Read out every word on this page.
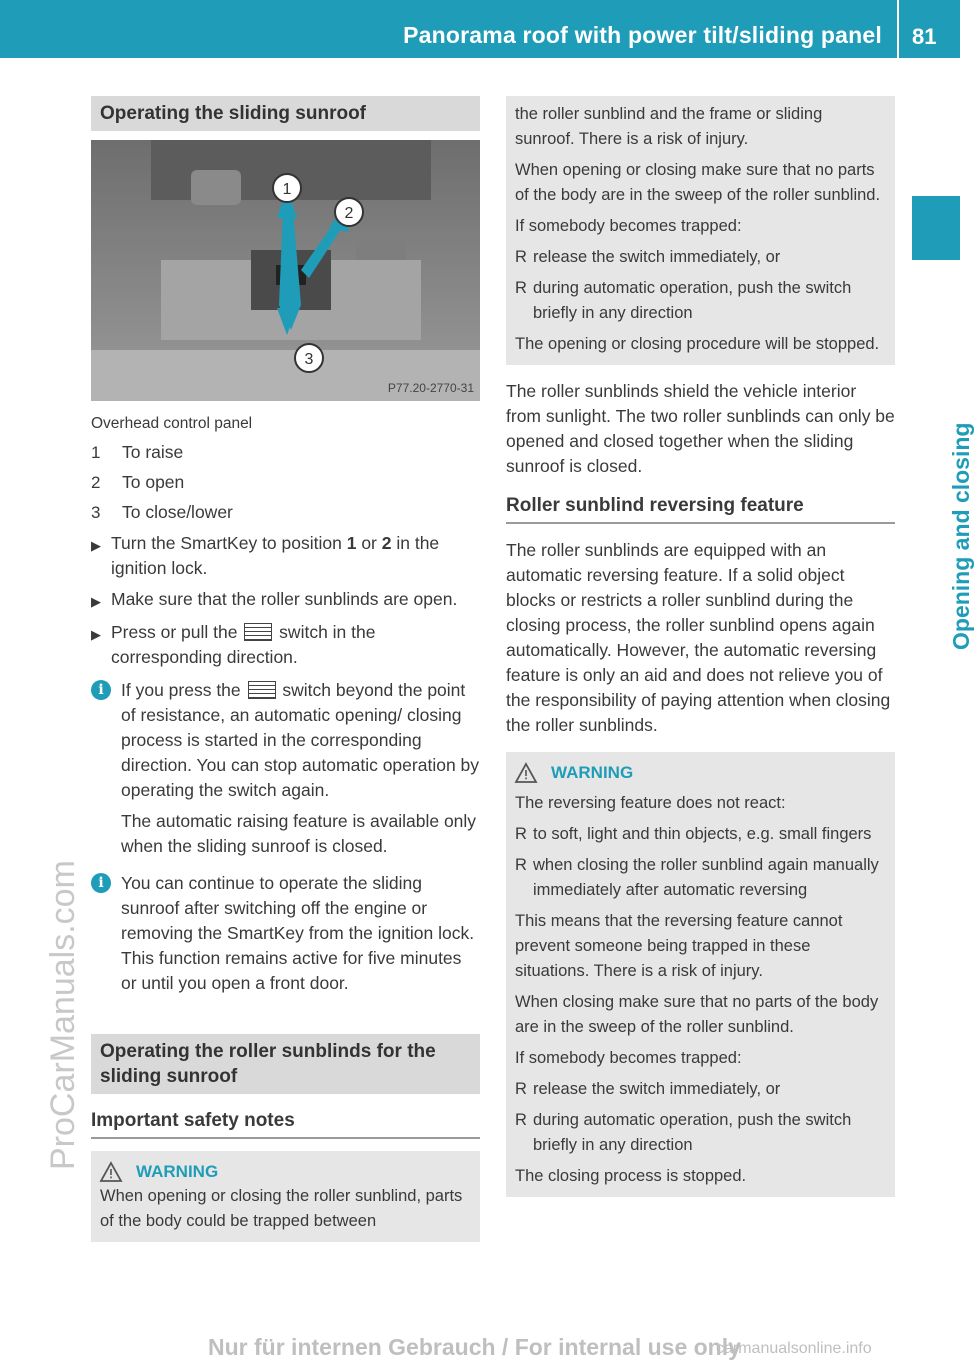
Panorama roof with power tilt/sliding panel 81
Opening and closing
ProCarManuals.com
Operating the sliding sunroof
1
2
3
P77.20-2770-31
Overhead control panel
1	To raise
2	To open
3	To close/lower
▶ Turn the SmartKey to position 1 or 2 in the ignition lock.
▶ Make sure that the roller sunblinds are open.
▶ Press or pull the  switch in the corresponding direction.
i If you press the  switch beyond the point of resistance, an automatic opening/ closing process is started in the corresponding direction. You can stop automatic operation by operating the switch again.
The automatic raising feature is available only when the sliding sunroof is closed.
i You can continue to operate the sliding sunroof after switching off the engine or removing the SmartKey from the ignition lock. This function remains active for five minutes or until you open a front door.
Operating the roller sunblinds for the sliding sunroof
Important safety notes
WARNING
When opening or closing the roller sunblind, parts of the body could be trapped between
the roller sunblind and the frame or sliding sunroof. There is a risk of injury.
When opening or closing make sure that no parts of the body are in the sweep of the roller sunblind.
If somebody becomes trapped:
R release the switch immediately, or
R during automatic operation, push the switch briefly in any direction
The opening or closing procedure will be stopped.
The roller sunblinds shield the vehicle interior from sunlight. The two roller sunblinds can only be opened and closed together when the sliding sunroof is closed.
Roller sunblind reversing feature
The roller sunblinds are equipped with an automatic reversing feature. If a solid object blocks or restricts a roller sunblind during the closing process, the roller sunblind opens again automatically. However, the automatic reversing feature is only an aid and does not relieve you of the responsibility of paying attention when closing the roller sunblinds.
WARNING
The reversing feature does not react:
R to soft, light and thin objects, e.g. small fingers
R when closing the roller sunblind again manually immediately after automatic reversing
This means that the reversing feature cannot prevent someone being trapped in these situations. There is a risk of injury.
When closing make sure that no parts of the body are in the sweep of the roller sunblind.
If somebody becomes trapped:
R release the switch immediately, or
R during automatic operation, push the switch briefly in any direction
The closing process is stopped.
Nur für internen Gebrauch / For internal use only
carmanualsonline.info
